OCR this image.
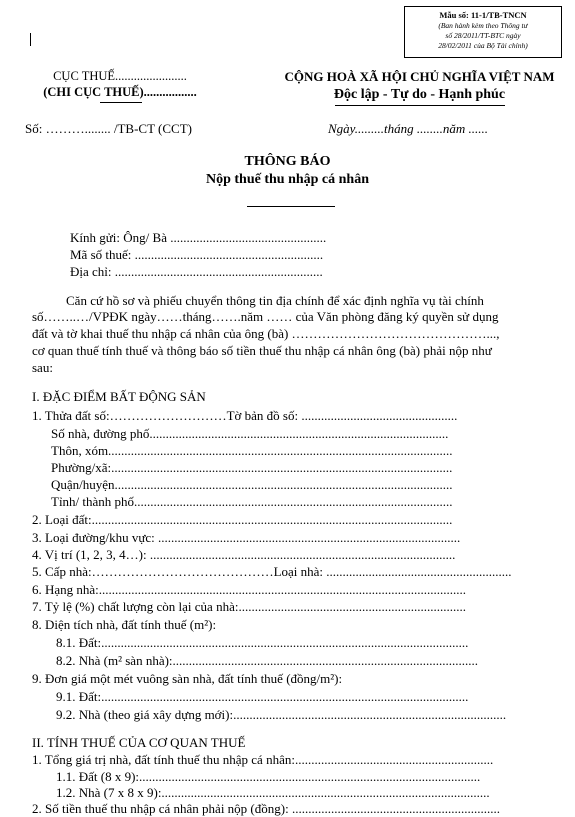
Mẫu số: 11-1/TB-TNCN
(Ban hành kèm theo Thông tư
số 28/2011/TT-BTC ngày
28/02/2011 của Bộ Tài chính)
CỤC THUẾ.......................
(CHI CỤC THUẾ).................
CỘNG HOÀ XÃ HỘI CHỦ NGHĨA VIỆT NAM
Độc lập - Tự do - Hạnh phúc
Số: ………........ /TB-CT (CCT)	Ngày.........tháng ........năm ......
THÔNG BÁO
Nộp thuế thu nhập cá nhân
Kính gửi: Ông/ Bà ................................................
Mã số thuế: ..........................................................
Địa chỉ: ................................................................
Căn cứ hồ sơ và phiếu chuyển thông tin địa chính để xác định nghĩa vụ tài chính
số……..…/VPĐK ngày……tháng…….năm …… của Văn phòng đăng ký quyền sử dụng
đất và tờ khai thuế thu nhập cá nhân của ông (bà) ………………………………………...,
cơ quan thuế tính thuế và thông báo số tiền thuế thu nhập cá nhân ông (bà) phải nộp như
sau:
I. ĐẶC ĐIỂM BẤT ĐỘNG SẢN
1. Thửa đất số:………………………Tờ bản đồ số: ................................................
Số nhà, đường phố............................................................................................
Thôn, xóm..........................................................................................................
Phường/xã:.........................................................................................................
Quận/huyện........................................................................................................
Tỉnh/ thành phố..................................................................................................
2. Loại đất:...............................................................................................................
3. Loại đường/khu vực: .............................................................................................
4. Vị trí (1, 2, 3, 4…): ..............................................................................................
5. Cấp nhà:……………………………………Loại nhà: .........................................................
6. Hạng nhà:.................................................................................................................
7. Tỷ lệ (%) chất lượng còn lại của nhà:......................................................................
8. Diện tích nhà, đất tính thuế (m²):
8.1. Đất:.................................................................................................................
8.2. Nhà (m² sàn nhà):..............................................................................................
9. Đơn giá một mét vuông sàn nhà, đất tính thuế (đồng/m²):
9.1. Đất:.................................................................................................................
9.2. Nhà (theo giá xây dựng mới):....................................................................................
II. TÍNH THUẾ CỦA CƠ QUAN THUẾ
1. Tổng giá trị nhà, đất tính thuế thu nhập cá nhân:.............................................................
1.1. Đất (8 x 9):.........................................................................................................
1.2. Nhà (7 x 8 x 9):.....................................................................................................
2. Số tiền thuế thu nhập cá nhân phải nộp (đồng): ................................................................
